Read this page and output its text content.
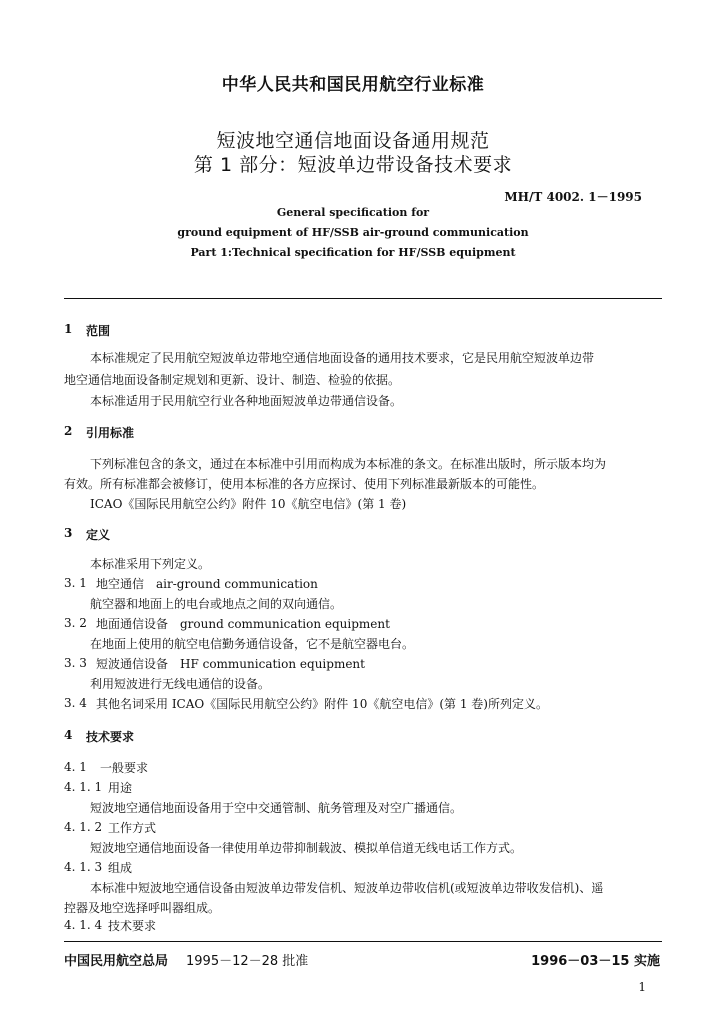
中华人民共和国民用航空行业标准
短波地空通信地面设备通用规范
第 1 部分：短波单边带设备技术要求
MH/T 4002. 1－1995
General specification for
ground equipment of HF/SSB air-ground communication
Part 1:Technical specification for HF/SSB equipment
1 范围
本标准规定了民用航空短波单边带地空通信地面设备的通用技术要求，它是民用航空短波单边带
地空通信地面设备制定规划和更新、设计、制造、检验的依据。
本标准适用于民用航空行业各种地面短波单边带通信设备。
2 引用标准
下列标准包含的条文，通过在本标准中引用而构成为本标准的条文。在标准出版时，所示版本均为
有效。所有标准都会被修订，使用本标准的各方应探讨、使用下列标准最新版本的可能性。
ICAO《国际民用航空公约》附件 10《航空电信》(第 1 卷)
3 定义
本标准采用下列定义。
3. 1 地空通信　air-ground communication
航空器和地面上的电台或地点之间的双向通信。
3. 2 地面通信设备　ground communication equipment
在地面上使用的航空电信勤务通信设备，它不是航空器电台。
3. 3 短波通信设备　HF communication equipment
利用短波进行无线电通信的设备。
3. 4 其他名词采用 ICAO《国际民用航空公约》附件 10《航空电信》(第 1 卷)所列定义。
4 技术要求
4. 1 一般要求
4. 1. 1 用途
短波地空通信地面设备用于空中交通管制、航务管理及对空广播通信。
4. 1. 2 工作方式
短波地空通信地面设备一律使用单边带抑制载波、模拟单信道无线电话工作方式。
4. 1. 3 组成
本标准中短波地空通信设备由短波单边带发信机、短波单边带收信机(或短波单边带收发信机)、遥
控器及地空选择呼叫器组成。
4. 1. 4 技术要求
中国民用航空总局 1995－12－28 批准	1996－03－15 实施
1
